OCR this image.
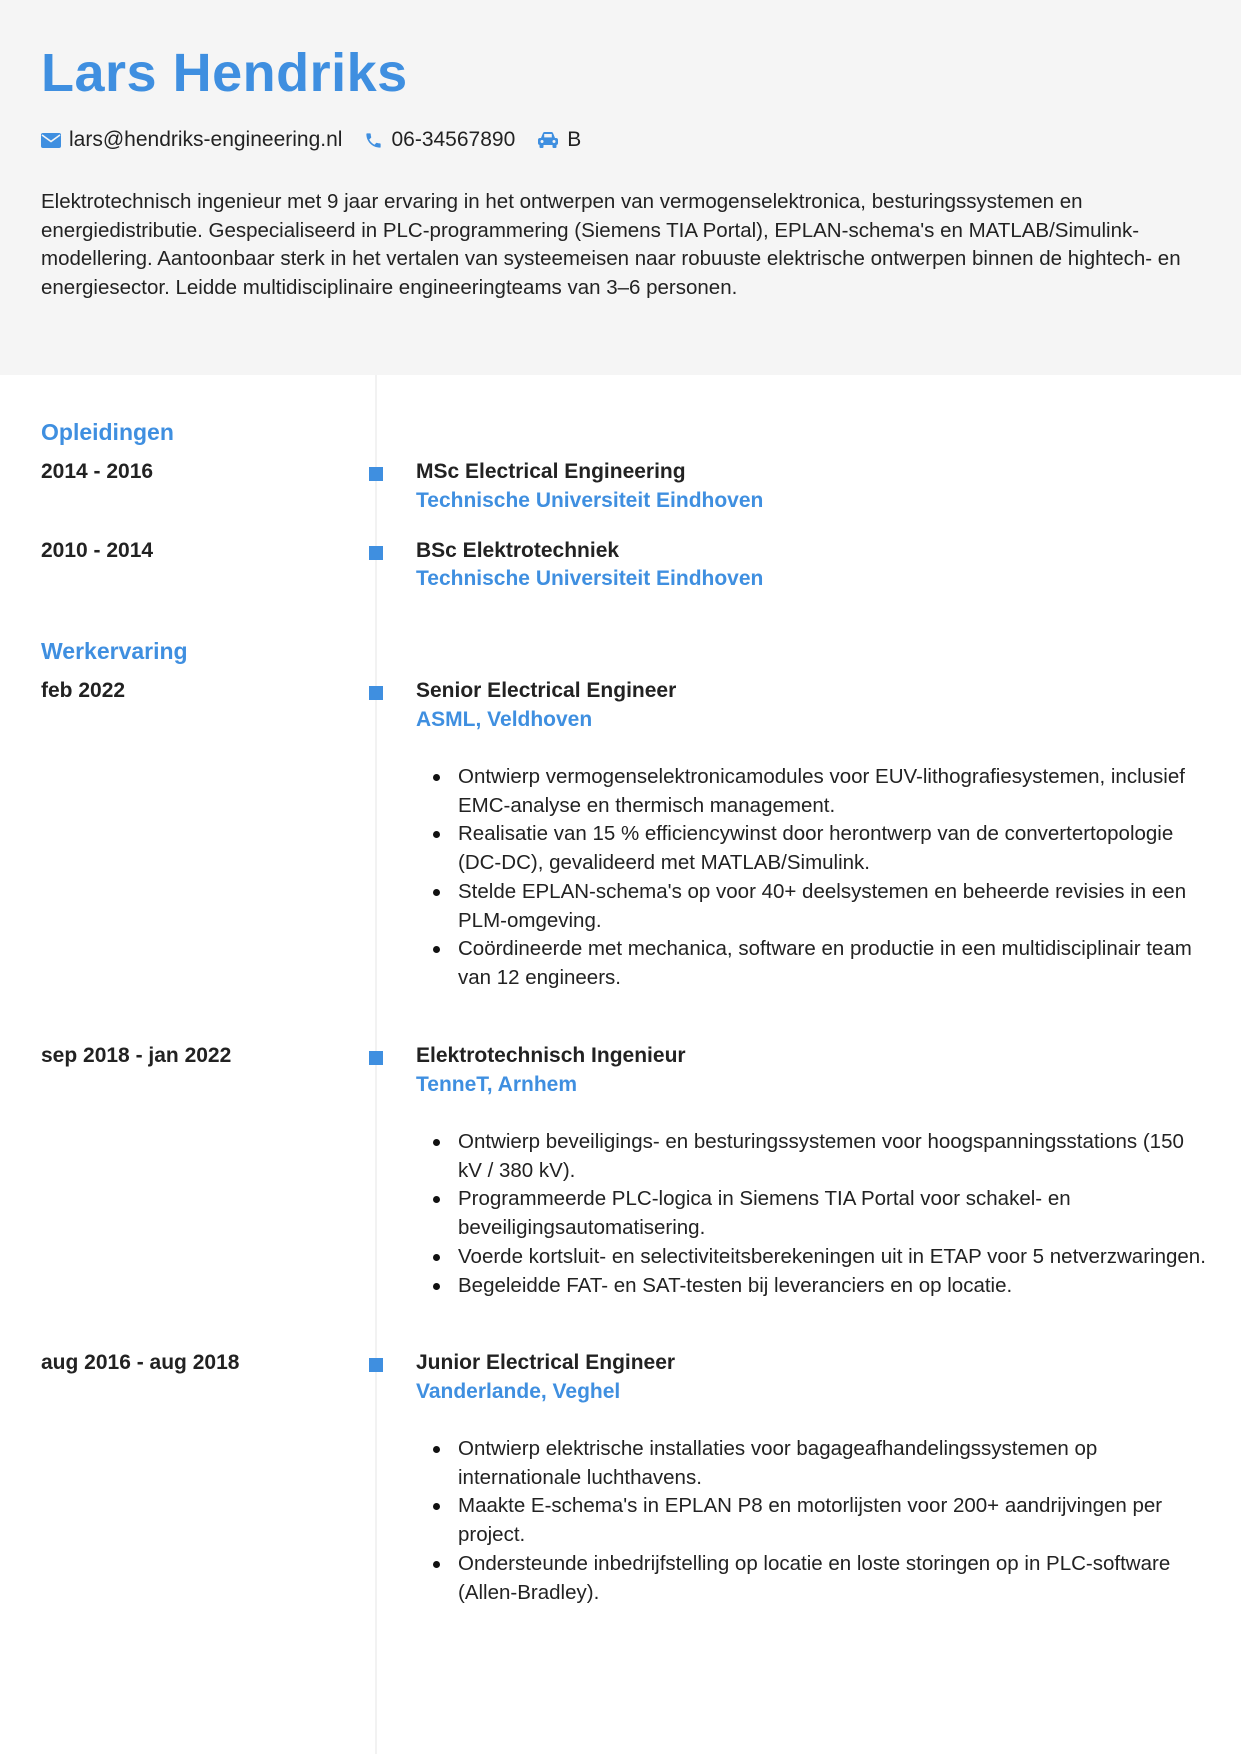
Lars Hendriks
lars@hendriks-engineering.nl 06-34567890 B
Elektrotechnisch ingenieur met 9 jaar ervaring in het ontwerpen van vermogenselektronica, besturingssystemen en energiedistributie. Gespecialiseerd in PLC-programmering (Siemens TIA Portal), EPLAN-schema's en MATLAB/Simulink-modellering. Aantoonbaar sterk in het vertalen van systeemeisen naar robuuste elektrische ontwerpen binnen de hightech- en energiesector. Leidde multidisciplinaire engineeringteams van 3–6 personen.
Opleidingen
2014 - 2016	MSc Electrical Engineering
Technische Universiteit Eindhoven
2010 - 2014	BSc Elektrotechniek
Technische Universiteit Eindhoven
Werkervaring
feb 2022	Senior Electrical Engineer
ASML, Veldhoven
Ontwierp vermogenselektronicamodules voor EUV-lithografiesystemen, inclusief EMC-analyse en thermisch management.
Realisatie van 15 % efficiencywinst door herontwerp van de convertertopologie (DC-DC), gevalideerd met MATLAB/Simulink.
Stelde EPLAN-schema's op voor 40+ deelsystemen en beheerde revisies in een PLM-omgeving.
Coördineerde met mechanica, software en productie in een multidisciplinair team van 12 engineers.
sep 2018 - jan 2022	Elektrotechnisch Ingenieur
TenneT, Arnhem
Ontwierp beveiligings- en besturingssystemen voor hoogspanningsstations (150 kV / 380 kV).
Programmeerde PLC-logica in Siemens TIA Portal voor schakel- en beveiligingsautomatisering.
Voerde kortsluit- en selectiviteitsberekeningen uit in ETAP voor 5 netverzwaringen.
Begeleidde FAT- en SAT-testen bij leveranciers en op locatie.
aug 2016 - aug 2018	Junior Electrical Engineer
Vanderlande, Veghel
Ontwierp elektrische installaties voor bagageafhandelingssystemen op internationale luchthavens.
Maakte E-schema's in EPLAN P8 en motorlijsten voor 200+ aandrijvingen per project.
Ondersteunde inbedrijfstelling op locatie en loste storingen op in PLC-software (Allen-Bradley).
